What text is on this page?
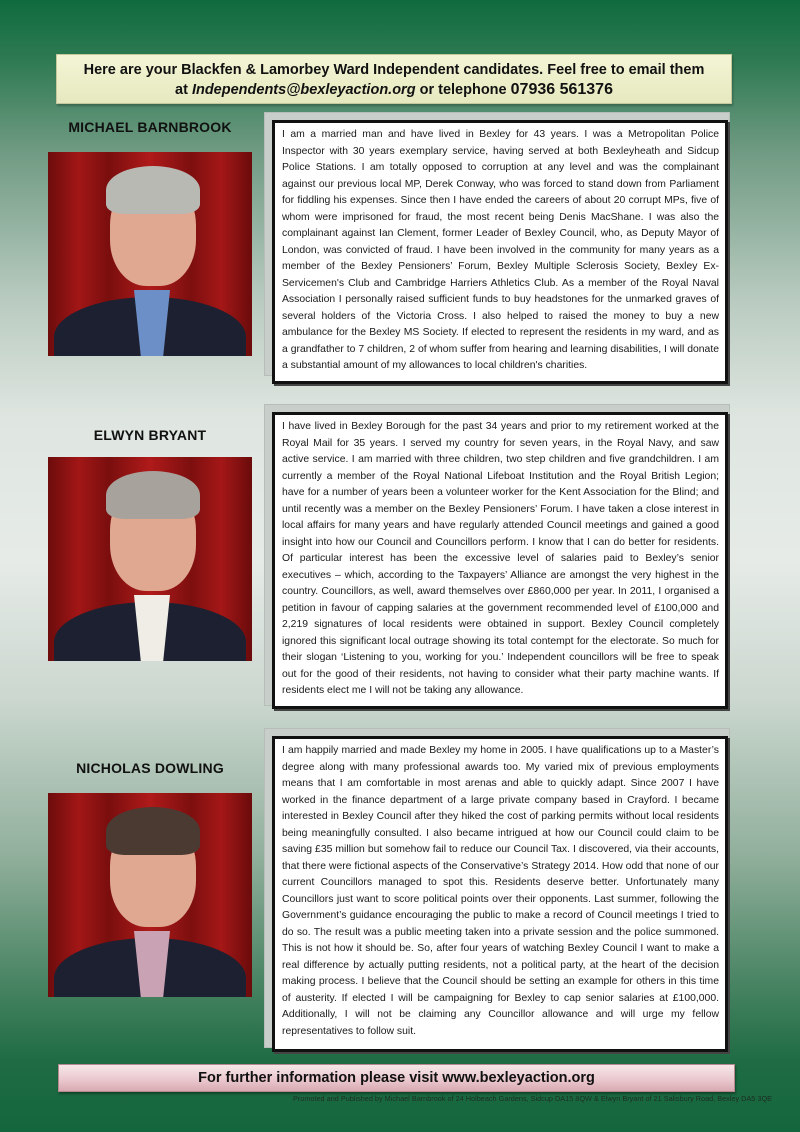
Here are your Blackfen & Lamorbey Ward Independent candidates. Feel free to email them
at Independents@bexleyaction.org or telephone 07936 561376
MICHAEL BARNBROOK	I am a married man and have lived in Bexley for 43 years. I was a Metropolitan Police Inspector with 30 years exemplary service, having served at both Bexleyheath and Sidcup Police Stations. I am totally opposed to corruption at any level and was the complainant against our previous local MP, Derek Conway, who was forced to stand down from Parliament for fiddling his expenses. Since then I have ended the careers of about 20 corrupt MPs, five of whom were imprisoned for fraud, the most recent being Denis MacShane. I was also the complainant against Ian Clement, former Leader of Bexley Council, who, as Deputy Mayor of London, was convicted of fraud. I have been involved in the community for many years as a member of the Bexley Pensioners’ Forum, Bexley Multiple Sclerosis Society, Bexley Ex-Servicemen's Club and Cambridge Harriers Athletics Club. As a member of the Royal Naval Association I personally raised sufficient funds to buy headstones for the unmarked graves of several holders of the Victoria Cross. I also helped to raised the money to buy a new ambulance for the Bexley MS Society. If elected to represent the residents in my ward, and as a grandfather to 7 children, 2 of whom suffer from hearing and learning disabilities, I will donate a substantial amount of my allowances to local children's charities.
ELWYN BRYANT
I have lived in Bexley Borough for the past 34 years and prior to my retirement worked at the Royal Mail for 35 years. I served my country for seven years, in the Royal Navy, and saw active service. I am married with three children, two step children and five grandchildren. I am currently a member of the Royal National Lifeboat Institution and the Royal British Legion; have for a number of years been a volunteer worker for the Kent Association for the Blind; and until recently was a member on the Bexley Pensioners’ Forum. I have taken a close interest in local affairs for many years and have regularly attended Council meetings and gained a good insight into how our Council and Councillors perform. I know that I can do better for residents. Of particular interest has been the excessive level of salaries paid to Bexley’s senior executives – which, according to the Taxpayers’ Alliance are amongst the very highest in the country. Councillors, as well, award themselves over £860,000 per year. In 2011, I organised a petition in favour of capping salaries at the government recommended level of £100,000 and 2,219 signatures of local residents were obtained in support. Bexley Council completely ignored this significant local outrage showing its total contempt for the electorate. So much for their slogan ‘Listening to you, working for you.’ Independent councillors will be free to speak out for the good of their residents, not having to consider what their party machine wants. If residents elect me I will not be taking any allowance.
NICHOLAS DOWLING
I am happily married and made Bexley my home in 2005. I have qualifications up to a Master’s degree along with many professional awards too. My varied mix of previous employments means that I am comfortable in most arenas and able to quickly adapt. Since 2007 I have worked in the finance department of a large private company based in Crayford. I became interested in Bexley Council after they hiked the cost of parking permits without local residents being meaningfully consulted. I also became intrigued at how our Council could claim to be saving £35 million but somehow fail to reduce our Council Tax. I discovered, via their accounts, that there were fictional aspects of the Conservative’s Strategy 2014. How odd that none of our current Councillors managed to spot this. Residents deserve better. Unfortunately many Councillors just want to score political points over their opponents. Last summer, following the Government’s guidance encouraging the public to make a record of Council meetings I tried to do so. The result was a public meeting taken into a private session and the police summoned. This is not how it should be. So, after four years of watching Bexley Council I want to make a real difference by actually putting residents, not a political party, at the heart of the decision making process. I believe that the Council should be setting an example for others in this time of austerity. If elected I will be campaigning for Bexley to cap senior salaries at £100,000. Additionally, I will not be claiming any Councillor allowance and will urge my fellow representatives to follow suit.
For further information please visit www.bexleyaction.org
Promoted and Published by Michael Barnbrook of 24 Holbeach Gardens, Sidcup DA15 8QW & Elwyn Bryant of 21 Salisbury Road, Bexley DA5 3QE
